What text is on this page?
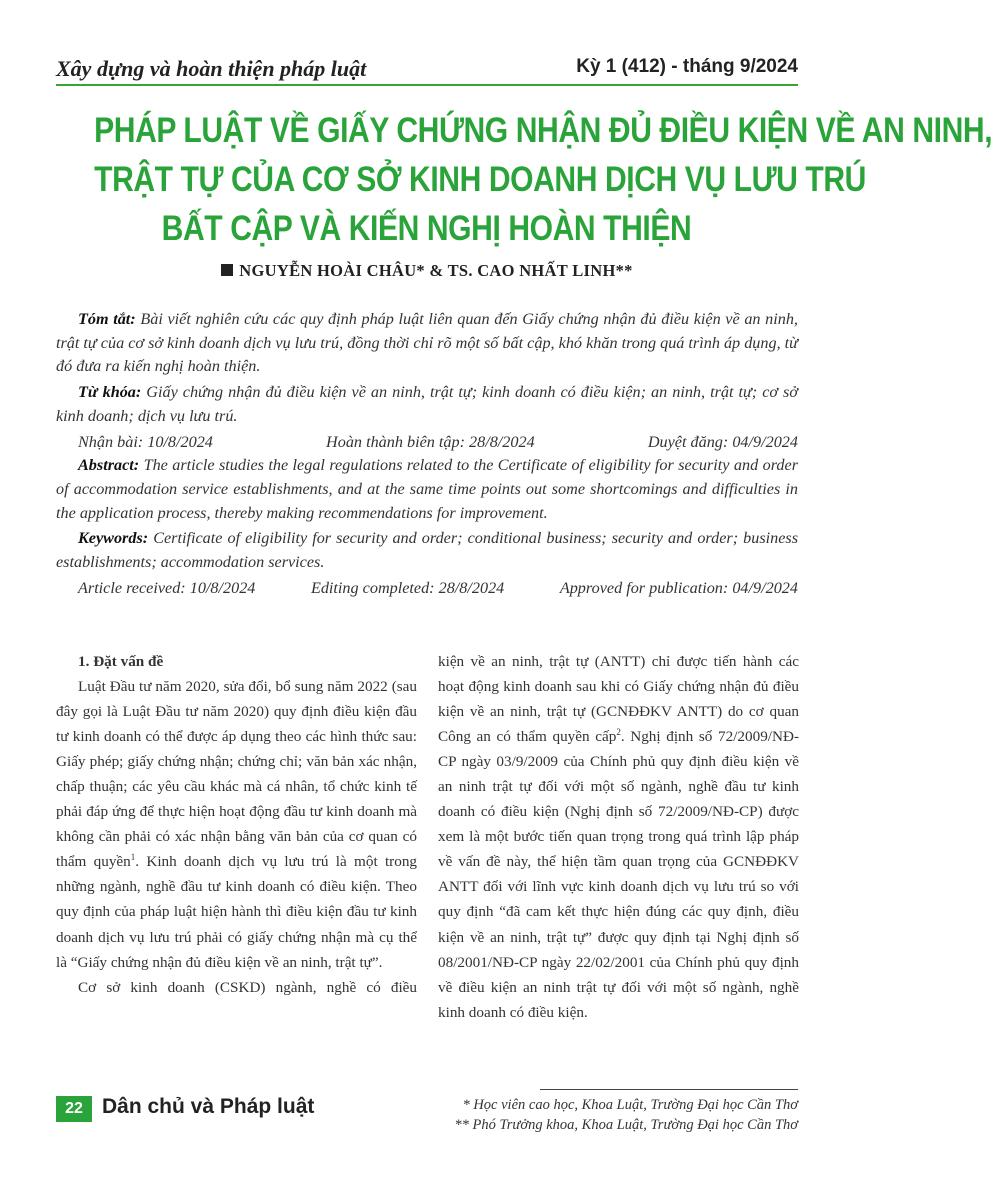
Xây dựng và hoàn thiện pháp luật	Kỳ 1 (412) - tháng 9/2024
PHÁP LUẬT VỀ GIẤY CHỨNG NHẬN ĐỦ ĐIỀU KIỆN VỀ AN NINH,
TRẬT TỰ CỦA CƠ SỞ KINH DOANH DỊCH VỤ LƯU TRÚ
BẤT CẬP VÀ KIẾN NGHỊ HOÀN THIỆN
NGUYỄN HOÀI CHÂU* & TS. CAO NHẤT LINH**

Tóm tắt: Bài viết nghiên cứu các quy định pháp luật liên quan đến Giấy chứng nhận đủ điều kiện về an ninh, trật tự của cơ sở kinh doanh dịch vụ lưu trú, đồng thời chỉ rõ một số bất cập, khó khăn trong quá trình áp dụng, từ đó đưa ra kiến nghị hoàn thiện.

Từ khóa: Giấy chứng nhận đủ điều kiện về an ninh, trật tự; kinh doanh có điều kiện; an ninh, trật tự; cơ sở kinh doanh; dịch vụ lưu trú.

Nhận bài: 10/8/2024	Hoàn thành biên tập: 28/8/2024	Duyệt đăng: 04/9/2024

Abstract: The article studies the legal regulations related to the Certificate of eligibility for security and order of accommodation service establishments, and at the same time points out some shortcomings and difficulties in the application process, thereby making recommendations for improvement.

Keywords: Certificate of eligibility for security and order; conditional business; security and order; business establishments; accommodation services.

Article received: 10/8/2024	Editing completed: 28/8/2024	Approved for publication: 04/9/2024

1. Đặt vấn đề

Luật Đầu tư năm 2020, sửa đổi, bổ sung năm 2022 (sau đây gọi là Luật Đầu tư năm 2020) quy định điều kiện đầu tư kinh doanh có thể được áp dụng theo các hình thức sau: Giấy phép; giấy chứng nhận; chứng chỉ; văn bản xác nhận, chấp thuận; các yêu cầu khác mà cá nhân, tổ chức kinh tế phải đáp ứng để thực hiện hoạt động đầu tư kinh doanh mà không cần phải có xác nhận bằng văn bản của cơ quan có thẩm quyền$^1$. Kinh doanh dịch vụ lưu trú là một trong những ngành, nghề đầu tư kinh doanh có điều kiện. Theo quy định của pháp luật hiện hành thì điều kiện đầu tư kinh doanh dịch vụ lưu trú phải có giấy chứng nhận mà cụ thể là “Giấy chứng nhận đủ điều kiện về an ninh, trật tự”.

Cơ sở kinh doanh (CSKD) ngành, nghề có điều

kiện về an ninh, trật tự (ANTT) chỉ được tiến hành các hoạt động kinh doanh sau khi có Giấy chứng nhận đủ điều kiện về an ninh, trật tự (GCNĐĐKV ANTT) do cơ quan Công an có thẩm quyền cấp$^2$. Nghị định số 72/2009/NĐ-CP ngày 03/9/2009 của Chính phủ quy định điều kiện về an ninh trật tự đối với một số ngành, nghề đầu tư kinh doanh có điều kiện (Nghị định số 72/2009/NĐ-CP) được xem là một bước tiến quan trọng trong quá trình lập pháp về vấn đề này, thể hiện tầm quan trọng của GCNĐĐKV ANTT đối với lĩnh vực kinh doanh dịch vụ lưu trú so với quy định “đã cam kết thực hiện đúng các quy định, điều kiện về an ninh, trật tự” được quy định tại Nghị định số 08/2001/NĐ-CP ngày 22/02/2001 của Chính phủ quy định về điều kiện an ninh trật tự đối với một số ngành, nghề kinh doanh có điều kiện.

22 Dân chủ và Pháp luật	* Học viên cao học, Khoa Luật, Trường Đại học Cần Thơ
** Phó Trưởng khoa, Khoa Luật, Trường Đại học Cần Thơ
